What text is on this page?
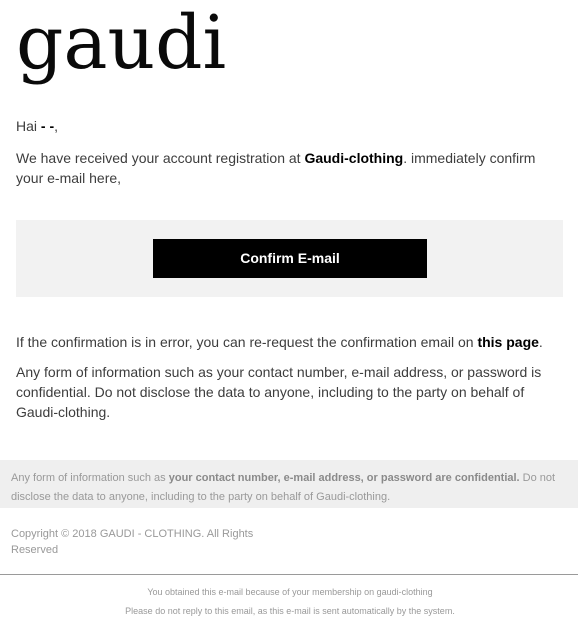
gaudi
Hai - -,
We have received your account registration at Gaudi-clothing. immediately confirm your e-mail here,
Confirm E-mail
If the confirmation is in error, you can re-request the confirmation email on this page.
Any form of information such as your contact number, e-mail address, or password is confidential. Do not disclose the data to anyone, including to the party on behalf of Gaudi-clothing.
Any form of information such as your contact number, e-mail address, or password are confidential. Do not disclose the data to anyone, including to the party on behalf of Gaudi-clothing.
Copyright © 2018 GAUDI - CLOTHING. All Rights Reserved
You obtained this e-mail because of your membership on gaudi-clothing
Please do not reply to this email, as this e-mail is sent automatically by the system.
